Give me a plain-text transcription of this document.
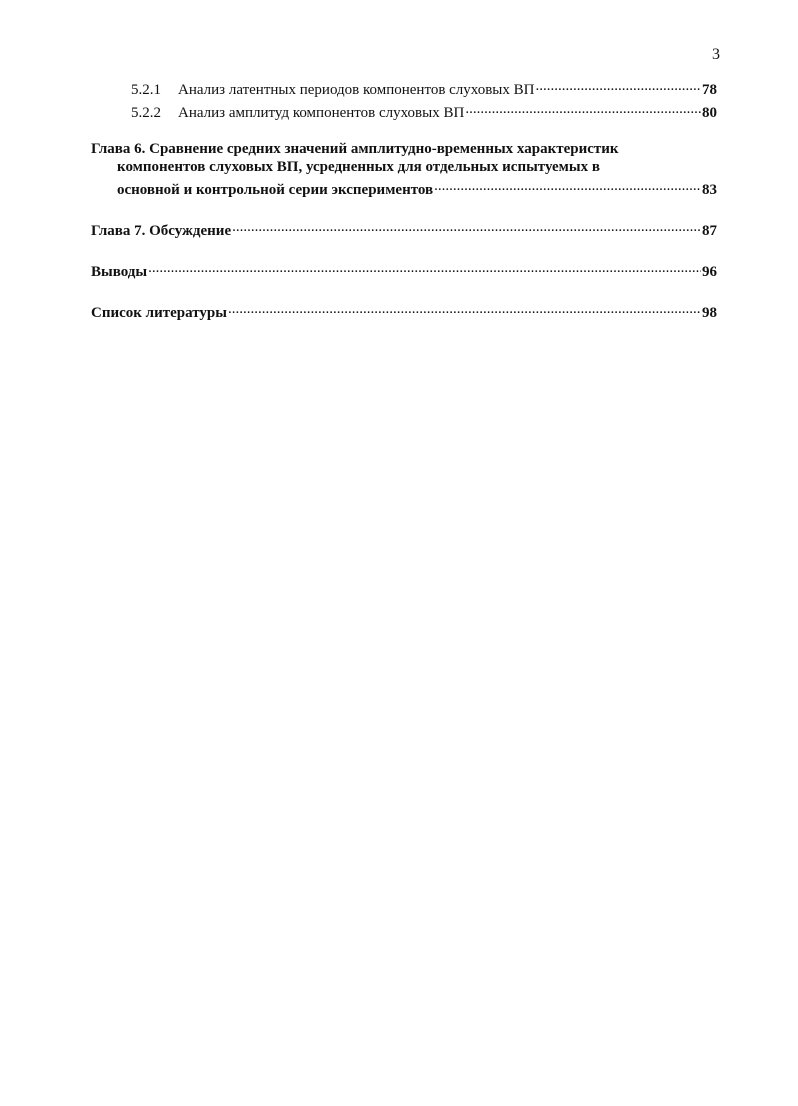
3
5.2.1	Анализ латентных периодов компонентов слуховых ВП .....	78
5.2.2	Анализ амплитуд компонентов слуховых ВП .....	80
Глава 6. Сравнение средних значений амплитудно-временных характеристик
компонентов слуховых ВП, усредненных для отдельных испытуемых в
основной и контрольной серии экспериментов .....	83
Глава 7. Обсуждение .....	87
Выводы .....	96
Список литературы .....	98
